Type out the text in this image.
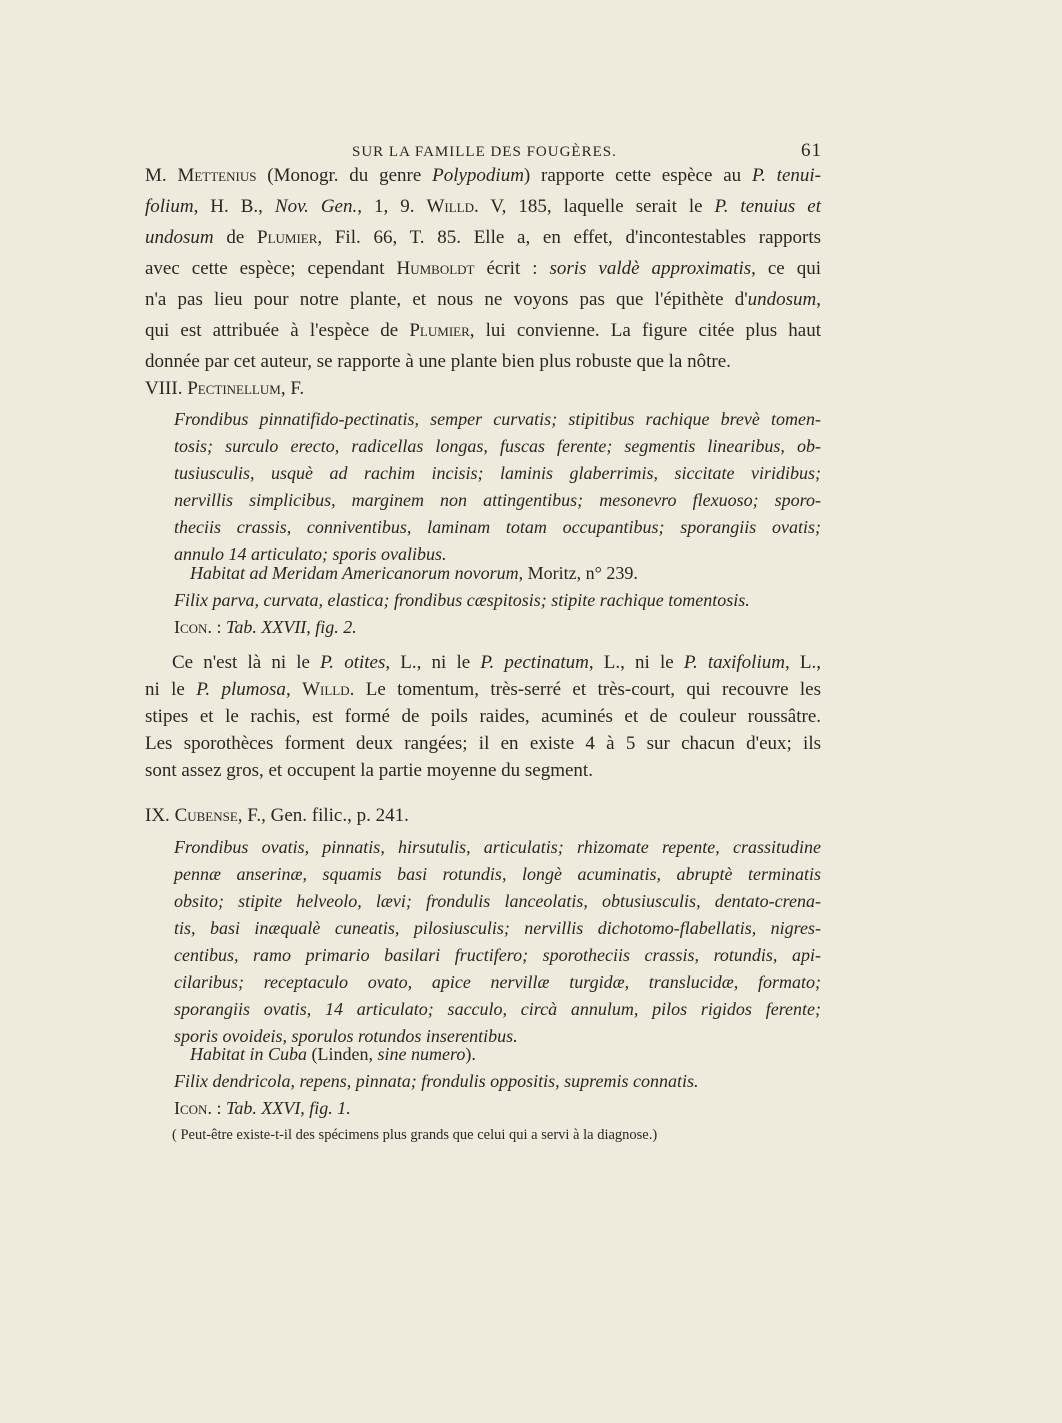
SUR LA FAMILLE DES FOUGÈRES.	61
M. Mettenius (Monogr. du genre Polypodium) rapporte cette espèce au P. tenui-
folium, H. B., Nov. Gen., 1, 9. Willd. V, 185, laquelle serait le P. tenuius et
undosum de Plumier, Fil. 66, T. 85. Elle a, en effet, d'incontestables rapports
avec cette espèce; cependant Humboldt écrit : soris valdè approximatis, ce qui
n'a pas lieu pour notre plante, et nous ne voyons pas que l'épithète d'undosum,
qui est attribuée à l'espèce de Plumier, lui convienne. La figure citée plus haut
donnée par cet auteur, se rapporte à une plante bien plus robuste que la nôtre.
VIII. Pectinellum, F.
Frondibus pinnatifido-pectinatis, semper curvatis; stipitibus rachique brevè tomen-
tosis; surculo erecto, radicellas longas, fuscas ferente; segmentis linearibus, ob-
tusiusculis, usquè ad rachim incisis; laminis glaberrimis, siccitate viridibus;
nervillis simplicibus, marginem non attingentibus; mesonevro flexuoso; sporo-
theciis crassis, conniventibus, laminam totam occupantibus; sporangiis ovatis;
annulo 14 articulato; sporis ovalibus.
Habitat ad Meridam Americanorum novorum, Moritz, n° 239.
Filix parva, curvata, elastica; frondibus cæspitosis; stipite rachique tomentosis.
Icon. : Tab. XXVII, fig. 2.
Ce n'est là ni le P. otites, L., ni le P. pectinatum, L., ni le P. taxifolium, L.,
ni le P. plumosa, Willd. Le tomentum, très-serré et très-court, qui recouvre les
stipes et le rachis, est formé de poils raides, acuminés et de couleur roussâtre.
Les sporothèces forment deux rangées; il en existe 4 à 5 sur chacun d'eux; ils
sont assez gros, et occupent la partie moyenne du segment.
IX. Cubense, F., Gen. filic., p. 241.
Frondibus ovatis, pinnatis, hirsutulis, articulatis; rhizomate repente, crassitudine
pennæ anserinæ, squamis basi rotundis, longè acuminatis, abruptè terminatis
obsito; stipite helveolo, lævi; frondulis lanceolatis, obtusiusculis, dentato-crena-
tis, basi inæqualè cuneatis, pilosiusculis; nervillis dichotomo-flabellatis, nigres-
centibus, ramo primario basilari fructifero; sporotheciis crassis, rotundis, api-
cilaribus; receptaculo ovato, apice nervillæ turgidæ, translucidæ, formato;
sporangiis ovatis, 14 articulato; sacculo, circà annulum, pilos rigidos ferente;
sporis ovoideis, sporulos rotundos inserentibus.
Habitat in Cuba (Linden, sine numero).
Filix dendricola, repens, pinnata; frondulis oppositis, supremis connatis.
Icon. : Tab. XXVI, fig. 1.
( Peut-être existe-t-il des spécimens plus grands que celui qui a servi à la diagnose.)
